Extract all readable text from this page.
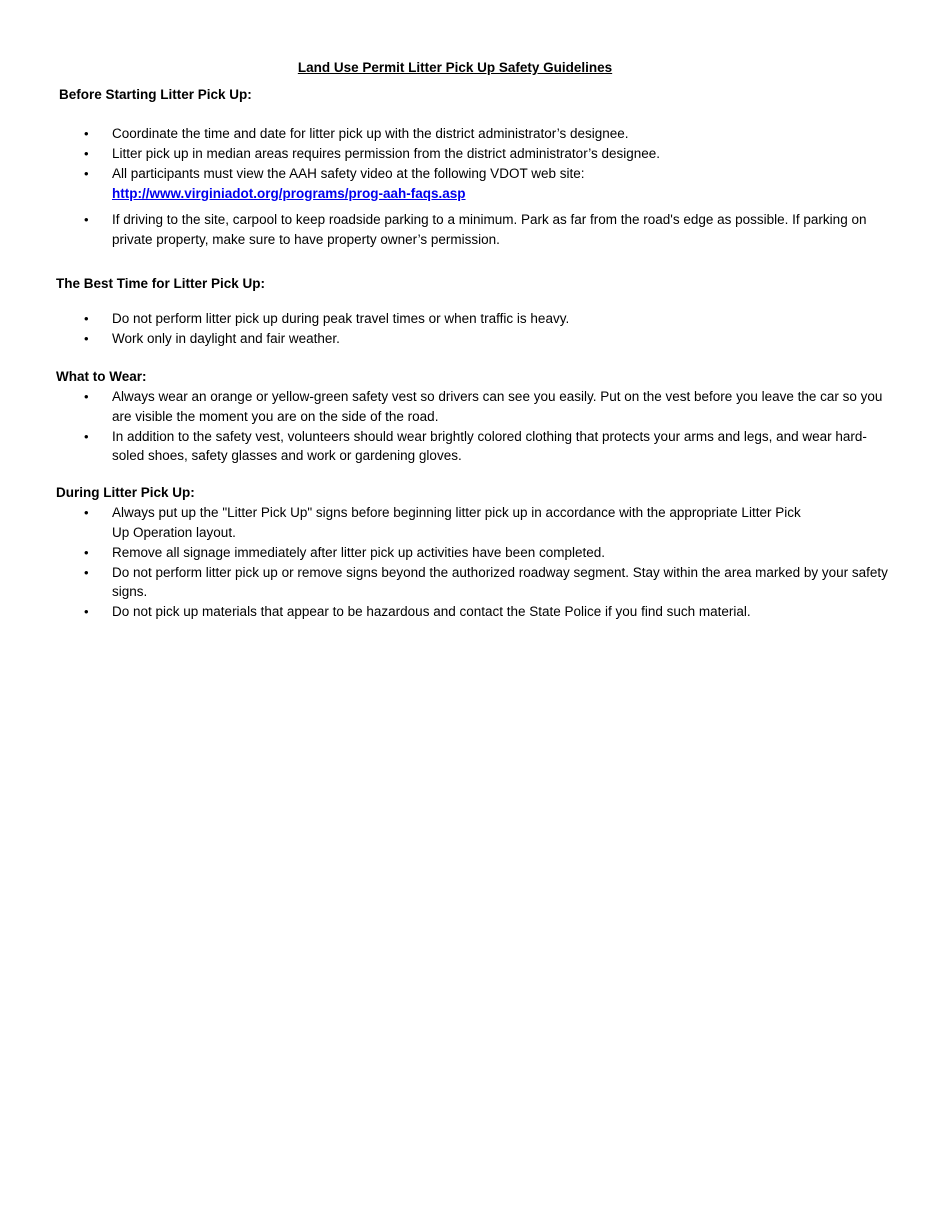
Land Use Permit Litter Pick Up Safety Guidelines
Before Starting Litter Pick Up:
• Coordinate the time and date for litter pick up with the district administrator’s designee.
• Litter pick up in median areas requires permission from the district administrator’s designee.
• All participants must view the AAH safety video at the following VDOT web site:
http://www.virginiadot.org/programs/prog-aah-faqs.asp
• If driving to the site, carpool to keep roadside parking to a minimum. Park as far from the road's edge as possible. If parking on private property, make sure to have property owner’s permission.
The Best Time for Litter Pick Up:
• Do not perform litter pick up during peak travel times or when traffic is heavy.
• Work only in daylight and fair weather.
What to Wear:
• Always wear an orange or yellow-green safety vest so drivers can see you easily. Put on the vest before you leave the car so you are visible the moment you are on the side of the road.
• In addition to the safety vest, volunteers should wear brightly colored clothing that protects your arms and legs, and wear hard-soled shoes, safety glasses and work or gardening gloves.
During Litter Pick Up:
• Always put up the "Litter Pick Up" signs before beginning litter pick up in accordance with the appropriate Litter Pick Up Operation layout.
• Remove all signage immediately after litter pick up activities have been completed.
• Do not perform litter pick up or remove signs beyond the authorized roadway segment. Stay within the area marked by your safety signs.
• Do not pick up materials that appear to be hazardous and contact the State Police if you find such material.
